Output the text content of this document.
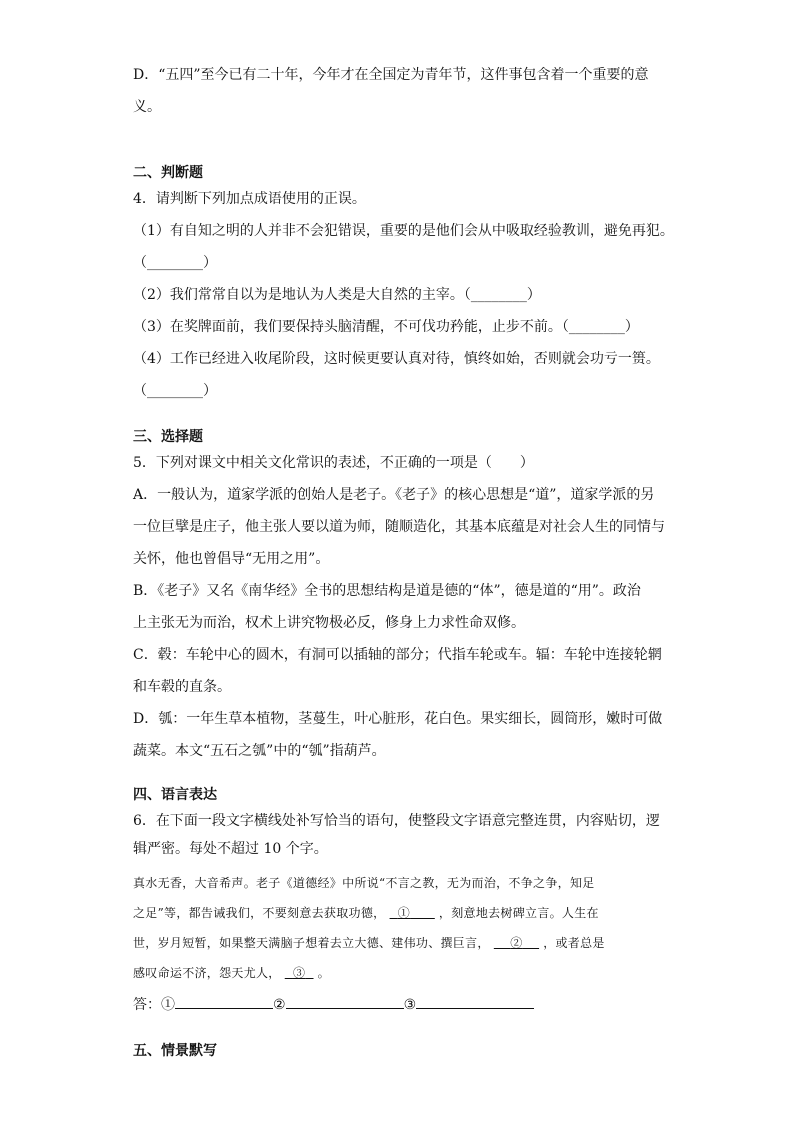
D．“五四”至今已有二十年，今年才在全国定为青年节，这件事包含着一个重要的意
义。
二、判断题
4．请判断下列加点成语使用的正误。
（1）有自知之明的人并非不会犯错误，重要的是他们会从中吸取经验教训，避免再犯。
（________）
（2）我们常常自以为是地认为人类是大自然的主宰。（________）
（3）在奖牌面前，我们要保持头脑清醒，不可伐功矜能，止步不前。（________）
（4）工作已经进入收尾阶段，这时候更要认真对待，慎终如始，否则就会功亏一篑。
（________）
三、选择题
5．下列对课文中相关文化常识的表述，不正确的一项是（　　）
A．一般认为，道家学派的创始人是老子。《老子》的核心思想是“道”，道家学派的另
一位巨擘是庄子，他主张人要以道为师，随顺造化，其基本底蕴是对社会人生的同情与
关怀，他也曾倡导“无用之用”。
B．《老子》又名《南华经》全书的思想结构是道是德的“体”，德是道的“用”。政治
上主张无为而治，权术上讲究物极必反，修身上力求性命双修。
C．毂：车轮中心的圆木，有洞可以插轴的部分；代指车轮或车。辐：车轮中连接轮辋
和车毂的直条。
D．瓠：一年生草本植物，茎蔓生，叶心脏形，花白色。果实细长，圆筒形，嫩时可做
蔬菜。本文“五石之瓠”中的“瓠”指葫芦。
四、语言表达
6．在下面一段文字横线处补写恰当的语句，使整段文字语意完整连贯，内容贴切，逻
辑严密。每处不超过 10 个字。
真水无香，大音希声。老子《道德经》中所说“不言之教，无为而治，不争之争，知足
之足”等，都告诫我们，不要刻意去获取功德， ① ，刻意地去树碑立言。人生在
世，岁月短暂，如果整天满脑子想着去立大德、建伟功、撰巨言， ② ，或者总是
感叹命运不济，怨天尤人， ③ 。
答：①	②	③
五、情景默写
